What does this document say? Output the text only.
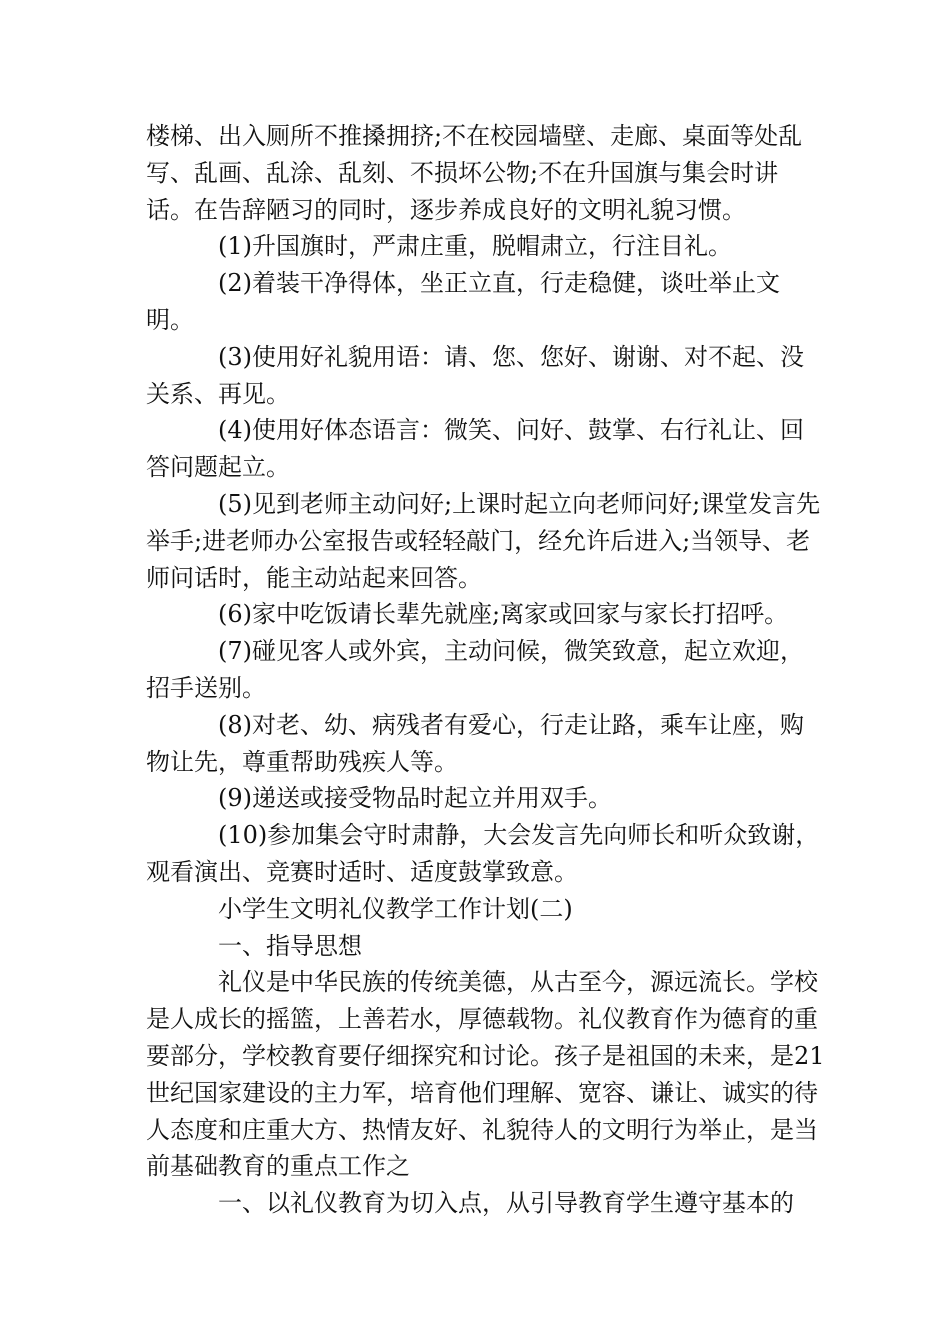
楼梯、出入厕所不推搡拥挤;不在校园墙壁、走廊、桌面等处乱写、乱画、乱涂、乱刻、不损坏公物;不在升国旗与集会时讲话。在告辞陋习的同时，逐步养成良好的文明礼貌习惯。

(1)升国旗时，严肃庄重，脱帽肃立，行注目礼。

(2)着装干净得体，坐正立直，行走稳健，谈吐举止文明。

(3)使用好礼貌用语：请、您、您好、谢谢、对不起、没关系、再见。

(4)使用好体态语言：微笑、问好、鼓掌、右行礼让、回答问题起立。

(5)见到老师主动问好;上课时起立向老师问好;课堂发言先举手;进老师办公室报告或轻轻敲门，经允许后进入;当领导、老师问话时，能主动站起来回答。

(6)家中吃饭请长辈先就座;离家或回家与家长打招呼。

(7)碰见客人或外宾，主动问候，微笑致意，起立欢迎，招手送别。

(8)对老、幼、病残者有爱心，行走让路，乘车让座，购物让先，尊重帮助残疾人等。

(9)递送或接受物品时起立并用双手。

(10)参加集会守时肃静，大会发言先向师长和听众致谢，观看演出、竞赛时适时、适度鼓掌致意。

小学生文明礼仪教学工作计划(二)

一、指导思想

礼仪是中华民族的传统美德，从古至今，源远流长。学校是人成长的摇篮，上善若水，厚德载物。礼仪教育作为德育的重要部分，学校教育要仔细探究和讨论。孩子是祖国的未来，是21世纪国家建设的主力军，培育他们理解、宽容、谦让、诚实的待人态度和庄重大方、热情友好、礼貌待人的文明行为举止，是当前基础教育的重点工作之

一、以礼仪教育为切入点，从引导教育学生遵守基本的
